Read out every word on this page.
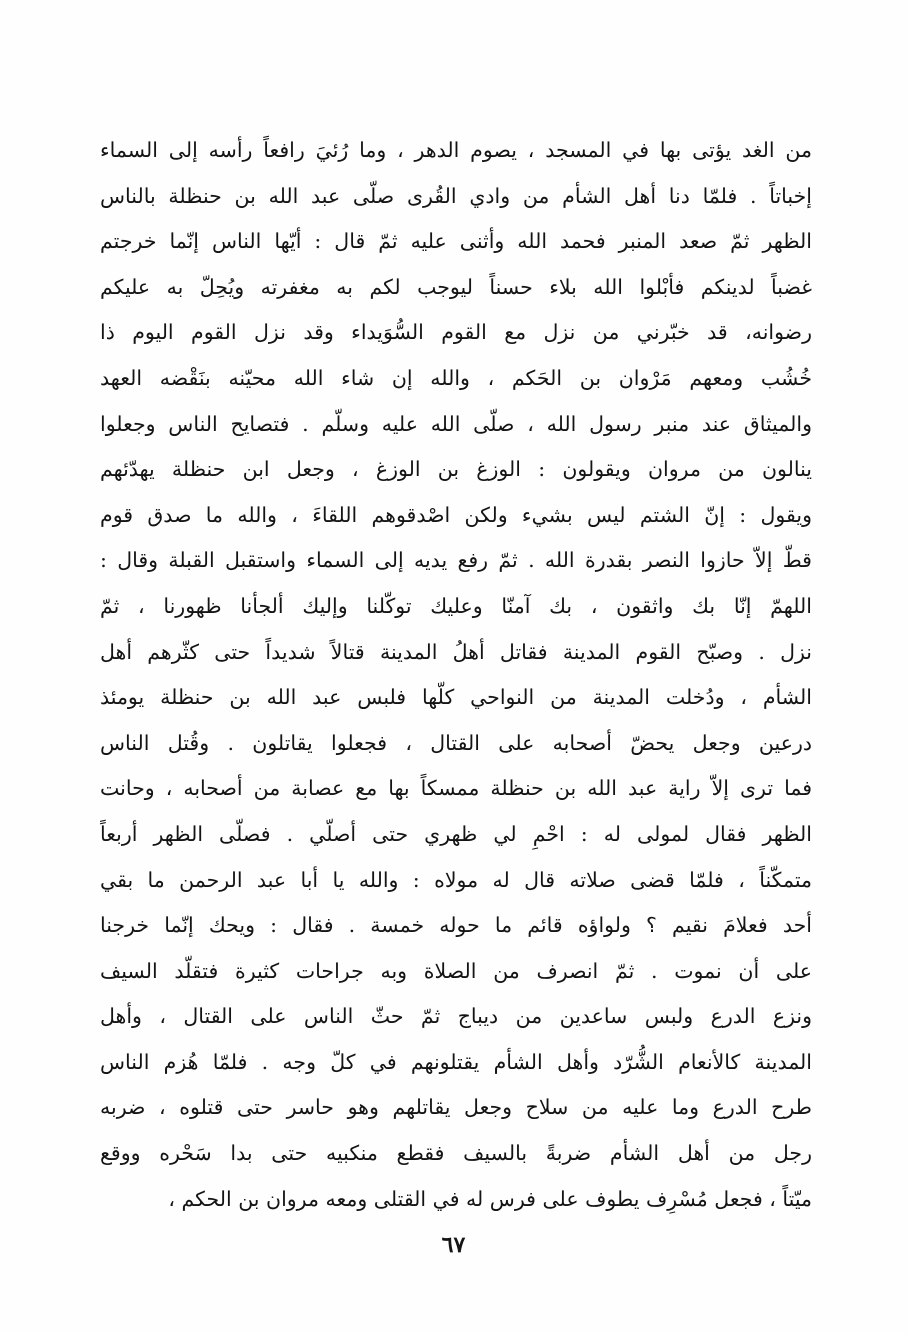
من الغد يؤتى بها في المسجد ، يصوم الدهر ، وما رُئيَ رافعاً رأسه إلى السماء
إخباتاً . فلمّا دنا أهل الشأم من وادي القُرى صلّى عبد الله بن حنظلة بالناس
الظهر ثمّ صعد المنبر فحمد الله وأثنى عليه ثمّ قال : أيّها الناس إنّما خرجتم
غضباً لدينكم فأبْلوا الله بلاء حسناً ليوجب لكم به مغفرته ويُحِلّ به عليكم
رضوانه، قد خبّرني من نزل مع القوم السُّوَيداء وقد نزل القوم اليوم ذا
خُشُب ومعهم مَرْوان بن الحَكم ، والله إن شاء الله محيّنه بنَقْضه العهد
والميثاق عند منبر رسول الله ، صلّى الله عليه وسلّم . فتصايح الناس وجعلوا
ينالون من مروان ويقولون : الوزغ بن الوزغ ، وجعل ابن حنظلة يهدّئهم
ويقول : إنّ الشتم ليس بشيء ولكن اصْدقوهم اللقاءَ ، والله ما صدق قوم
قطّ إلاّ حازوا النصر بقدرة الله . ثمّ رفع يديه إلى السماء واستقبل القبلة وقال :
اللهمّ إنّا بك واثقون ، بك آمنّا وعليك توكّلنا وإليك ألجأنا ظهورنا ، ثمّ
نزل . وصبّح القوم المدينة فقاتل أهلُ المدينة قتالاً شديداً حتى كثّرهم أهل
الشأم ، ودُخلت المدينة من النواحي كلّها فلبس عبد الله بن حنظلة يومئذ
درعين وجعل يحضّ أصحابه على القتال ، فجعلوا يقاتلون . وقُتل الناس
فما ترى إلاّ راية عبد الله بن حنظلة ممسكاً بها مع عصابة من أصحابه ، وحانت
الظهر فقال لمولى له : احْمِ لي ظهري حتى أصلّي . فصلّى الظهر أربعاً
متمكّناً ، فلمّا قضى صلاته قال له مولاه : والله يا أبا عبد الرحمن ما بقي
أحد فعلامَ نقيم ؟ ولواؤه قائم ما حوله خمسة . فقال : ويحك إنّما خرجنا
على أن نموت . ثمّ انصرف من الصلاة وبه جراحات كثيرة فتقلّد السيف
ونزع الدرع ولبس ساعدين من ديباج ثمّ حثّ الناس على القتال ، وأهل
المدينة كالأنعام الشُّرّد وأهل الشأم يقتلونهم في كلّ وجه . فلمّا هُزم الناس
طرح الدرع وما عليه من سلاح وجعل يقاتلهم وهو حاسر حتى قتلوه ، ضربه
رجل من أهل الشأم ضربةً بالسيف فقطع منكبيه حتى بدا سَحْره ووقع
ميّتاً ، فجعل مُسْرِف يطوف على فرس له في القتلى ومعه مروان بن الحكم ،
٦٧
